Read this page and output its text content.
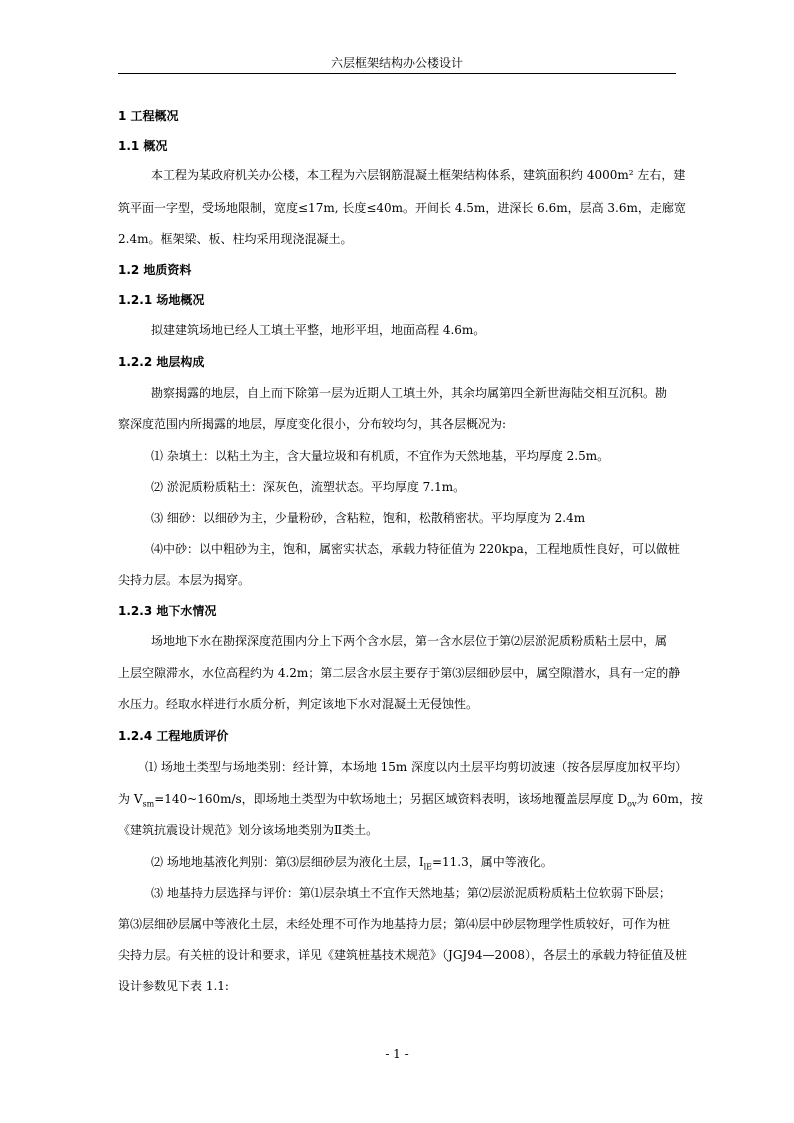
六层框架结构办公楼设计
1 工程概况
1.1 概况
本工程为某政府机关办公楼，本工程为六层钢筋混凝土框架结构体系，建筑面积约 4000m² 左右，建
筑平面一字型，受场地限制，宽度≤17m, 长度≤40m。开间长 4.5m，进深长 6.6m，层高 3.6m，走廊宽
2.4m。框架梁、板、柱均采用现浇混凝土。
1.2 地质资料
1.2.1 场地概况
拟建建筑场地已经人工填土平整，地形平坦，地面高程 4.6m。
1.2.2 地层构成
勘察揭露的地层，自上而下除第一层为近期人工填土外，其余均属第四全新世海陆交相互沉积。勘
察深度范围内所揭露的地层，厚度变化很小，分布较均匀，其各层概况为:
⑴ 杂填土：以粘土为主，含大量垃圾和有机质，不宜作为天然地基，平均厚度 2.5m。
⑵ 淤泥质粉质粘土：深灰色，流塑状态。平均厚度 7.1m。
⑶ 细砂：以细砂为主，少量粉砂，含粘粒，饱和，松散稍密状。平均厚度为 2.4m
⑷中砂：以中粗砂为主，饱和，属密实状态，承载力特征值为 220kpa，工程地质性良好，可以做桩
尖持力层。本层为揭穿。
1.2.3 地下水情况
场地地下水在勘探深度范围内分上下两个含水层，第一含水层位于第⑵层淤泥质粉质粘土层中，属
上层空隙滞水，水位高程约为 4.2m；第二层含水层主要存于第⑶层细砂层中，属空隙潜水，具有一定的静
水压力。经取水样进行水质分析，判定该地下水对混凝土无侵蚀性。
1.2.4 工程地质评价
⑴ 场地土类型与场地类别：经计算，本场地 15m 深度以内土层平均剪切波速（按各层厚度加权平均）
为 $V_{sm}=140\sim 160m/s$，即场地土类型为中软场地土；另据区域资料表明，该场地覆盖层厚度 $D_{ov}$为 60m，按
《建筑抗震设计规范》划分该场地类别为Ⅱ类土。
⑵ 场地地基液化判别：第⑶层细砂层为液化土层，$I_{lE}=11.3$，属中等液化。
⑶ 地基持力层选择与评价：第⑴层杂填土不宜作天然地基；第⑵层淤泥质粉质粘土位软弱下卧层；
第⑶层细砂层属中等液化土层，未经处理不可作为地基持力层；第⑷层中砂层物理学性质较好，可作为桩
尖持力层。有关桩的设计和要求，详见《建筑桩基技术规范》（JGJ94—2008），各层土的承载力特征值及桩
设计参数见下表 1.1:
- 1 -
